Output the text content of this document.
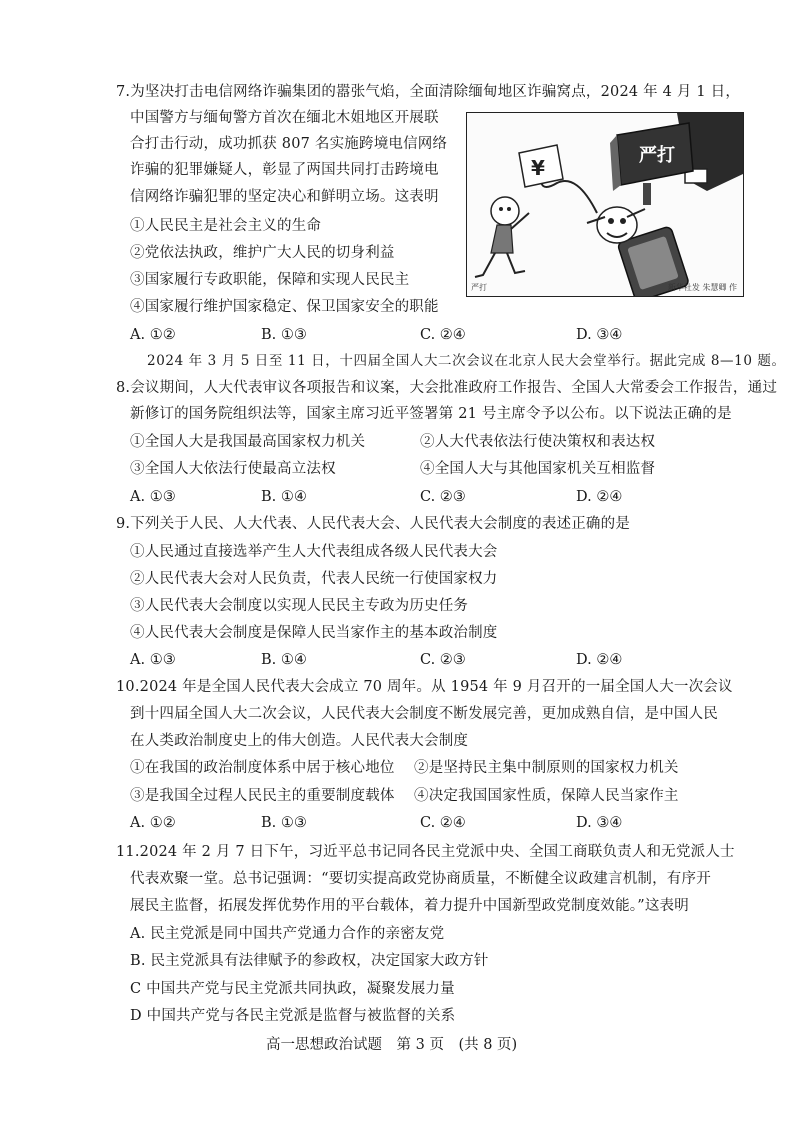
7.为坚决打击电信网络诈骗集团的嚣张气焰，全面清除缅甸地区诈骗窝点，2024 年 4 月 1 日，
中国警方与缅甸警方首次在缅北木姐地区开展联
合打击行动，成功抓获 807 名实施跨境电信网络
诈骗的犯罪嫌疑人，彰显了两国共同打击跨境电
信网络诈骗犯罪的坚定决心和鲜明立场。这表明
①人民民主是社会主义的生命
②党依法执政，维护广大人民的切身利益
③国家履行专政职能，保障和实现人民民主
④国家履行维护国家稳定、保卫国家安全的职能
A. ①②	B. ①③	C. ②④	D. ③④
严打
¥
严打	新华社发 朱慧卿 作
2024 年 3 月 5 日至 11 日，十四届全国人大二次会议在北京人民大会堂举行。据此完成 8—10 题。
8.会议期间，人大代表审议各项报告和议案，大会批准政府工作报告、全国人大常委会工作报告，通过
新修订的国务院组织法等，国家主席习近平签署第 21 号主席令予以公布。以下说法正确的是
①全国人大是我国最高国家权力机关	②人大代表依法行使决策权和表达权
③全国人大依法行使最高立法权	④全国人大与其他国家机关互相监督
A. ①③	B. ①④	C. ②③	D. ②④
9.下列关于人民、人大代表、人民代表大会、人民代表大会制度的表述正确的是
①人民通过直接选举产生人大代表组成各级人民代表大会
②人民代表大会对人民负责，代表人民统一行使国家权力
③人民代表大会制度以实现人民民主专政为历史任务
④人民代表大会制度是保障人民当家作主的基本政治制度
A. ①③	B. ①④	C. ②③	D. ②④
10.2024 年是全国人民代表大会成立 70 周年。从 1954 年 9 月召开的一届全国人大一次会议
到十四届全国人大二次会议，人民代表大会制度不断发展完善，更加成熟自信，是中国人民
在人类政治制度史上的伟大创造。人民代表大会制度
①在我国的政治制度体系中居于核心地位 ②是坚持民主集中制原则的国家权力机关
③是我国全过程人民民主的重要制度载体 ④决定我国国家性质，保障人民当家作主
A. ①②	B. ①③	C. ②④	D. ③④
11.2024 年 2 月 7 日下午，习近平总书记同各民主党派中央、全国工商联负责人和无党派人士
代表欢聚一堂。总书记强调：“要切实提高政党协商质量，不断健全议政建言机制，有序开
展民主监督，拓展发挥优势作用的平台载体，着力提升中国新型政党制度效能。”这表明
A. 民主党派是同中国共产党通力合作的亲密友党
B. 民主党派具有法律赋予的参政权，决定国家大政方针
C 中国共产党与民主党派共同执政，凝聚发展力量
D 中国共产党与各民主党派是监督与被监督的关系
高一思想政治试题　第 3 页　(共 8 页)
